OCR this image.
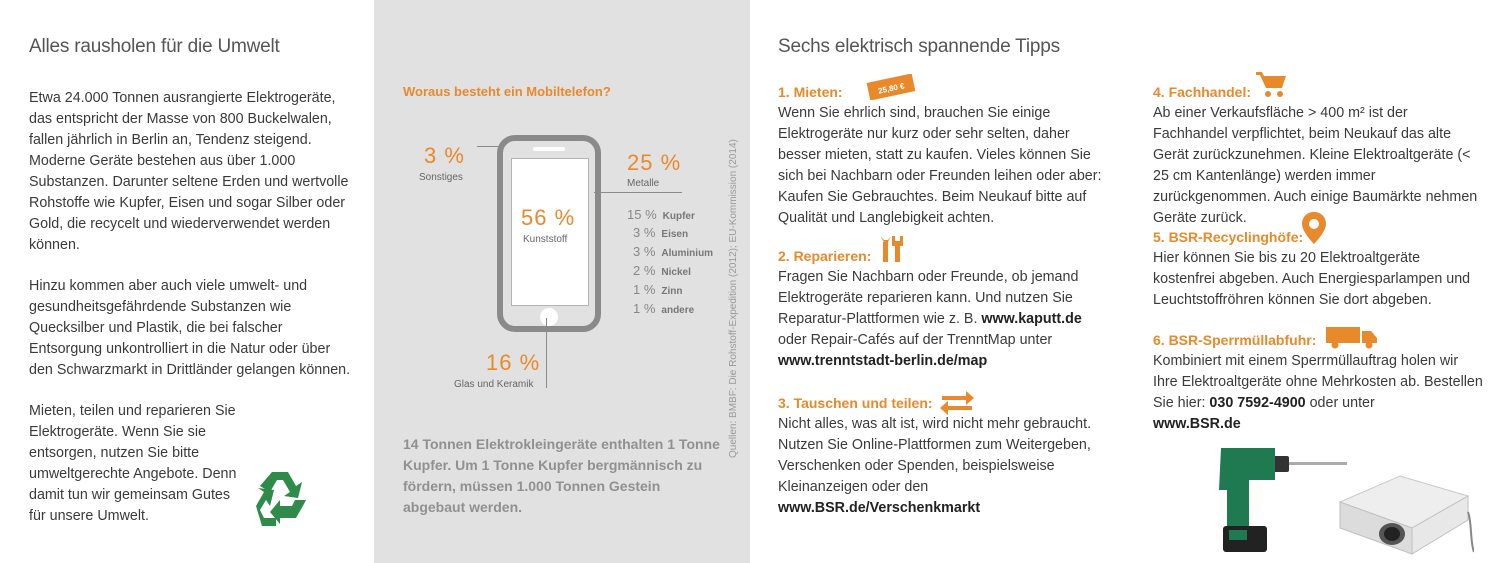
Alles rausholen für die Umwelt

Etwa 24.000 Tonnen ausrangierte Elektrogeräte, das entspricht der Masse von 800 Buckelwalen, fallen jährlich in Berlin an, Tendenz steigend. Moderne Geräte bestehen aus über 1.000 Substanzen. Darunter seltene Erden und wertvolle Rohstoffe wie Kupfer, Eisen und sogar Silber oder Gold, die recycelt und wiederverwendet werden können.

Hinzu kommen aber auch viele umwelt- und gesundheitsgefährdende Substanzen wie Quecksilber und Plastik, die bei falscher Entsorgung unkontrolliert in die Natur oder über den Schwarzmarkt in Drittländer gelangen können.

Mieten, teilen und reparieren Sie Elektrogeräte. Wenn Sie sie entsorgen, nutzen Sie bitte umweltgerechte Angebote. Denn damit tun wir gemeinsam Gutes für unsere Umwelt.

Woraus besteht ein Mobiltelefon?
3 %
Sonstiges
25 %
Metalle
56 %
Kunststoff
15 % Kupfer
3 % Eisen
3 % Aluminium
2 % Nickel
1 % Zinn
1 % andere
16 %
Glas und Keramik	Quellen: BMBF: Die Rohstoff-Expedition (2012); EU-Kommission (2014)
14 Tonnen Elektrokleingeräte enthalten 1 Tonne Kupfer. Um 1 Tonne Kupfer bergmännisch zu fördern, müssen 1.000 Tonnen Gestein abgebaut werden.
Sechs elektrisch spannende Tipps
1. Mieten:

Wenn Sie ehrlich sind, brauchen Sie einige Elektrogeräte nur kurz oder sehr selten, daher besser mieten, statt zu kaufen. Vieles können Sie sich bei Nachbarn oder Freunden leihen oder aber: Kaufen Sie Gebrauchtes. Beim Neukauf bitte auf Qualität und Langlebigkeit achten.

25,80 €
2. Reparieren:

Fragen Sie Nachbarn oder Freunde, ob jemand Elektrogeräte reparieren kann. Und nutzen Sie Reparatur-Plattformen wie z. B. www.kaputt.de oder Repair-Cafés auf der TrenntMap unter www.trenntstadt-berlin.de/map

3. Tauschen und teilen:

Nicht alles, was alt ist, wird nicht mehr gebraucht. Nutzen Sie Online-Plattformen zum Weitergeben, Verschenken oder Spenden, beispielsweise Kleinanzeigen oder den www.BSR.de/Verschenkmarkt

4. Fachhandel:

Ab einer Verkaufsfläche > 400 m² ist der Fachhandel verpflichtet, beim Neukauf das alte Gerät zurückzunehmen. Kleine Elektroaltgeräte (< 25 cm Kantenlänge) werden immer zurückgenommen. Auch einige Baumärkte nehmen Geräte zurück.

5. BSR-Recyclinghöfe:

Hier können Sie bis zu 20 Elektroaltgeräte kostenfrei abgeben. Auch Energiesparlampen und Leuchtstoffröhren können Sie dort abgeben.

6. BSR-Sperrmüllabfuhr:

Kombiniert mit einem Sperrmüllauftrag holen wir Ihre Elektroaltgeräte ohne Mehrkosten ab. Bestellen Sie hier: 030 7592-4900 oder unter
www.BSR.de
